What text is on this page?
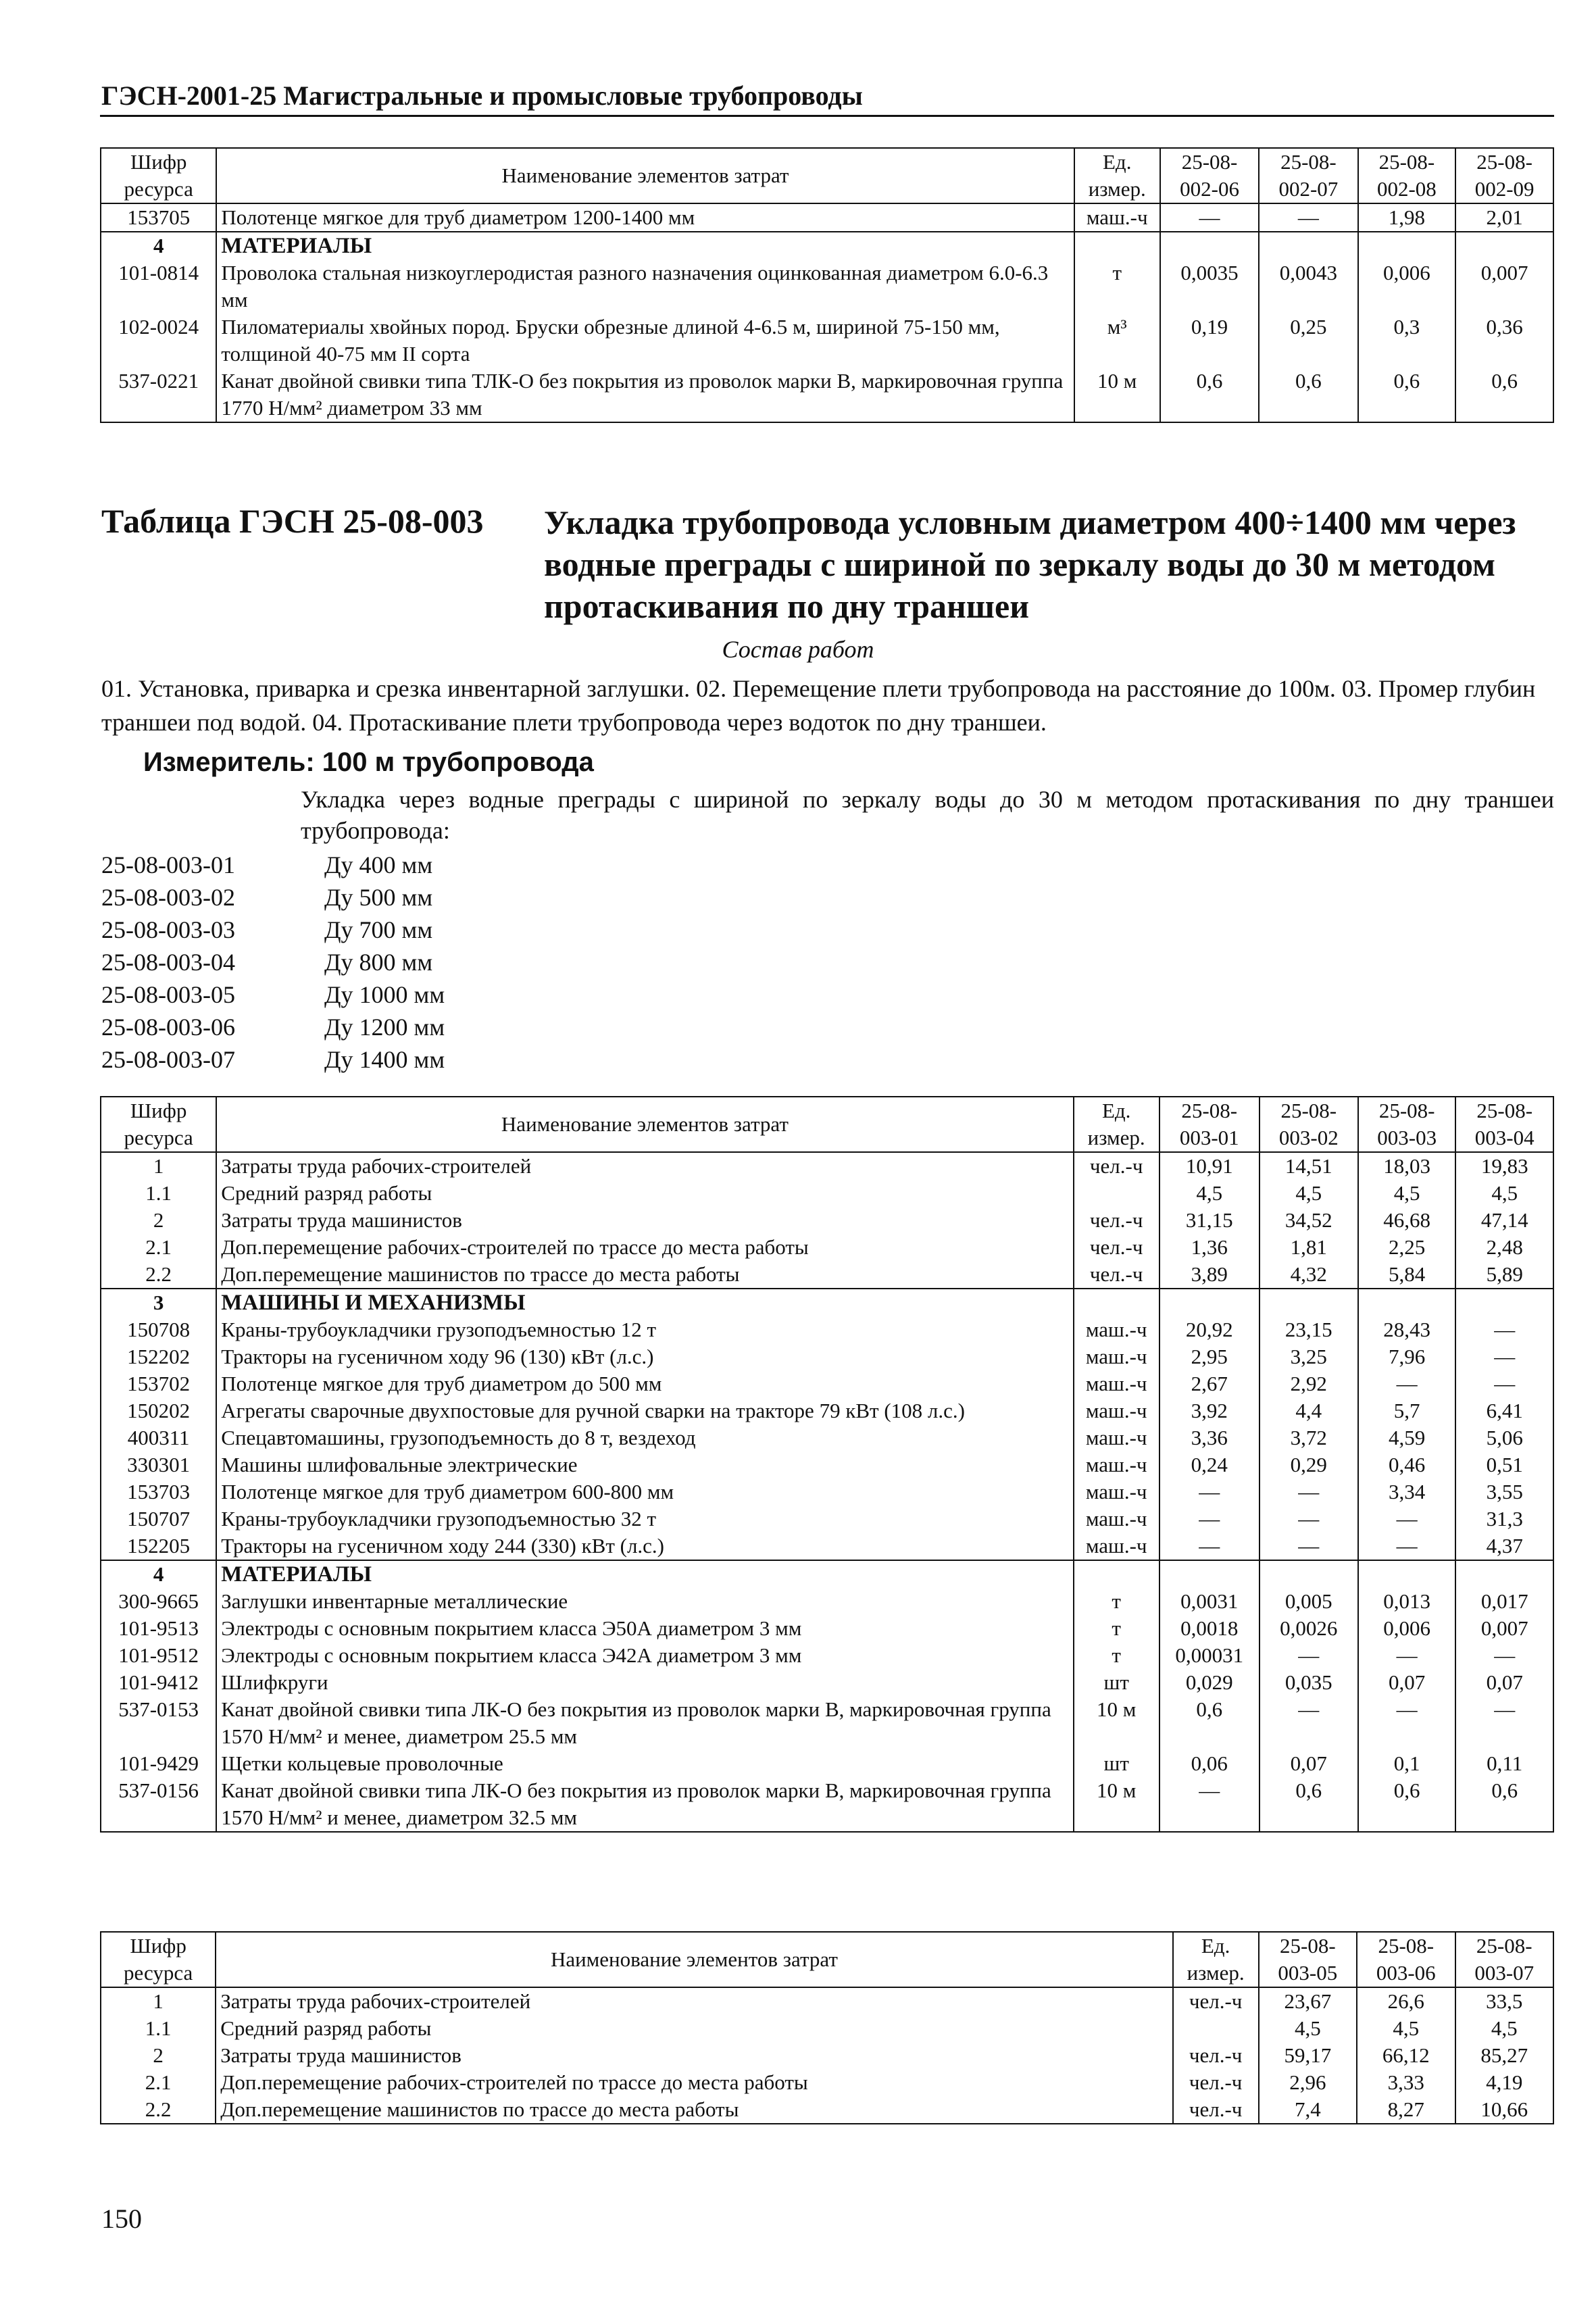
ГЭСН-2001-25 Магистральные и промысловые трубопроводы
Шифр ресурса	Наименование элементов затрат	Ед. измер.	25-08-002-06	25-08-002-07	25-08-002-08	25-08-002-09
153705	Полотенце мягкое для труб диаметром 1200-1400 мм	маш.-ч	—	—	1,98	2,01
4	МАТЕРИАЛЫ					
101-0814	Проволока стальная низкоуглеродистая разного назначения оцинкованная диаметром 6.0-6.3 мм	т	0,0035	0,0043	0,006	0,007
102-0024	Пиломатериалы хвойных пород. Бруски обрезные длиной 4-6.5 м, шириной 75-150 мм, толщиной 40-75 мм II сорта	м³	0,19	0,25	0,3	0,36
537-0221	Канат двойной свивки типа ТЛК-О без покрытия из проволок марки В, маркировочная группа 1770 Н/мм² диаметром 33 мм	10 м	0,6	0,6	0,6	0,6
Таблица ГЭСН 25-08-003 Укладка трубопровода условным диаметром 400÷1400 мм через водные преграды с шириной по зеркалу воды до 30 м методом протаскивания по дну траншеи
Состав работ
01. Установка, приварка и срезка инвентарной заглушки. 02. Перемещение плети трубопровода на расстояние до 100м. 03. Промер глубин траншеи под водой. 04. Протаскивание плети трубопровода через водоток по дну траншеи.
Измеритель: 100 м трубопровода
Укладка через водные преграды с шириной по зеркалу воды до 30 м методом протаскивания по дну траншеи трубопровода:
25-08-003-01	Ду 400 мм
25-08-003-02	Ду 500 мм
25-08-003-03	Ду 700 мм
25-08-003-04	Ду 800 мм
25-08-003-05	Ду 1000 мм
25-08-003-06	Ду 1200 мм
25-08-003-07	Ду 1400 мм
Шифр ресурса	Наименование элементов затрат	Ед. измер.	25-08-003-01	25-08-003-02	25-08-003-03	25-08-003-04
1	Затраты труда рабочих-строителей	чел.-ч	10,91	14,51	18,03	19,83
1.1	Средний разряд работы		4,5	4,5	4,5	4,5
2	Затраты труда машинистов	чел.-ч	31,15	34,52	46,68	47,14
2.1	Доп.перемещение рабочих-строителей по трассе до места работы	чел.-ч	1,36	1,81	2,25	2,48
2.2	Доп.перемещение машинистов по трассе до места работы	чел.-ч	3,89	4,32	5,84	5,89
3	МАШИНЫ И МЕХАНИЗМЫ					
150708	Краны-трубоукладчики грузоподъемностью 12 т	маш.-ч	20,92	23,15	28,43	—
152202	Тракторы на гусеничном ходу 96 (130) кВт (л.с.)	маш.-ч	2,95	3,25	7,96	—
153702	Полотенце мягкое для труб диаметром до 500 мм	маш.-ч	2,67	2,92	—	—
150202	Агрегаты сварочные двухпостовые для ручной сварки на тракторе 79 кВт (108 л.с.)	маш.-ч	3,92	4,4	5,7	6,41
400311	Спецавтомашины, грузоподъемность до 8 т, вездеход	маш.-ч	3,36	3,72	4,59	5,06
330301	Машины шлифовальные электрические	маш.-ч	0,24	0,29	0,46	0,51
153703	Полотенце мягкое для труб диаметром 600-800 мм	маш.-ч	—	—	3,34	3,55
150707	Краны-трубоукладчики грузоподъемностью 32 т	маш.-ч	—	—	—	31,3
152205	Тракторы на гусеничном ходу 244 (330) кВт (л.с.)	маш.-ч	—	—	—	4,37
4	МАТЕРИАЛЫ					
300-9665	Заглушки инвентарные металлические	т	0,0031	0,005	0,013	0,017
101-9513	Электроды с основным покрытием класса Э50А диаметром 3 мм	т	0,0018	0,0026	0,006	0,007
101-9512	Электроды с основным покрытием класса Э42А диаметром 3 мм	т	0,00031	—	—	—
101-9412	Шлифкруги	шт	0,029	0,035	0,07	0,07
537-0153	Канат двойной свивки типа ЛК-О без покрытия из проволок марки В, маркировочная группа 1570 Н/мм² и менее, диаметром 25.5 мм	10 м	0,6	—	—	—
101-9429	Щетки кольцевые проволочные	шт	0,06	0,07	0,1	0,11
537-0156	Канат двойной свивки типа ЛК-О без покрытия из проволок марки В, маркировочная группа 1570 Н/мм² и менее, диаметром 32.5 мм	10 м	—	0,6	0,6	0,6
Шифр ресурса	Наименование элементов затрат	Ед. измер.	25-08-003-05	25-08-003-06	25-08-003-07
1	Затраты труда рабочих-строителей	чел.-ч	23,67	26,6	33,5
1.1	Средний разряд работы		4,5	4,5	4,5
2	Затраты труда машинистов	чел.-ч	59,17	66,12	85,27
2.1	Доп.перемещение рабочих-строителей по трассе до места работы	чел.-ч	2,96	3,33	4,19
2.2	Доп.перемещение машинистов по трассе до места работы	чел.-ч	7,4	8,27	10,66
150
